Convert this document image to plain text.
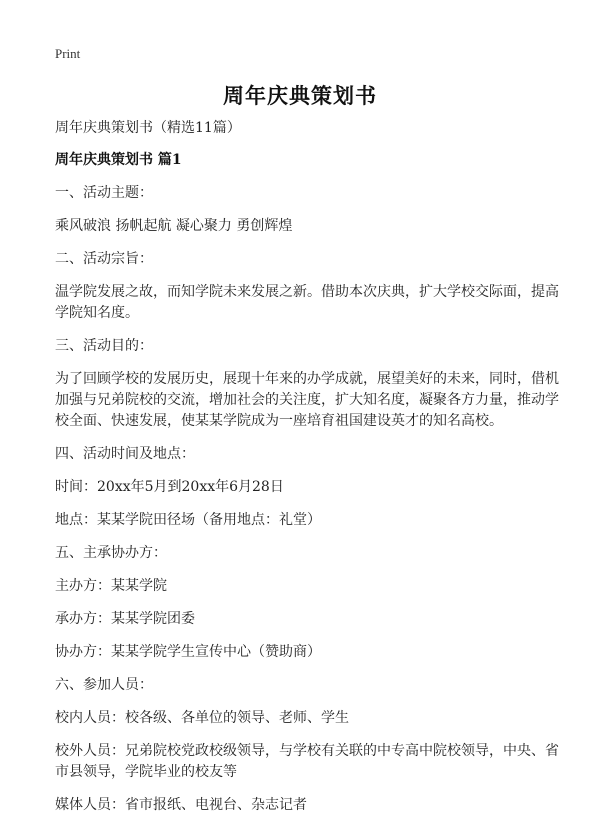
Print
周年庆典策划书

周年庆典策划书（精选11篇）

周年庆典策划书 篇1

一、活动主题：

乘风破浪 扬帆起航 凝心聚力 勇创辉煌

二、活动宗旨：

温学院发展之故，而知学院未来发展之新。借助本次庆典，扩大学校交际面，提高学院知名度。

三、活动目的：

为了回顾学校的发展历史，展现十年来的办学成就，展望美好的未来，同时，借机加强与兄弟院校的交流，增加社会的关注度，扩大知名度，凝聚各方力量，推动学校全面、快速发展，使某某学院成为一座培育祖国建设英才的知名高校。

四、活动时间及地点：

时间：20xx年5月到20xx年6月28日

地点：某某学院田径场（备用地点：礼堂）

五、主承协办方：

主办方：某某学院

承办方：某某学院团委

协办方：某某学院学生宣传中心（赞助商）

六、参加人员：

校内人员：校各级、各单位的领导、老师、学生

校外人员：兄弟院校党政校级领导，与学校有关联的中专高中院校领导，中央、省市县领导，学院毕业的校友等

媒体人员：省市报纸、电视台、杂志记者
